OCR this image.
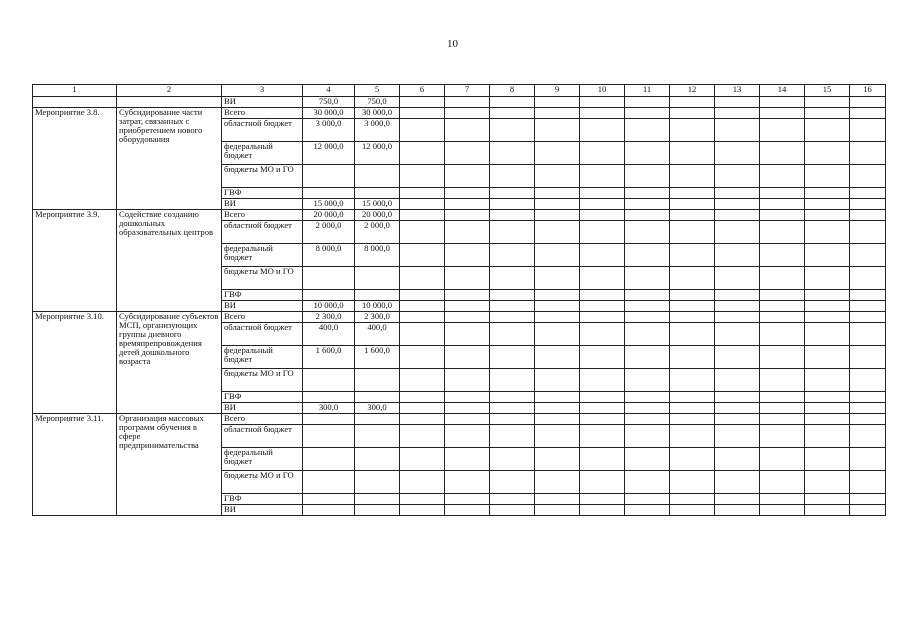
10
1	2	3	4	5	6	7	8	9	10	11	12	13	14	15	16
		ВИ	750,0	750,0											
Мероприятие 3.8.	Субсидирование части затрат, связанных с приобретением нового оборудования	Всего	30 000,0	30 000,0											
		областной бюджет	3 000,0	3 000,0											
		федеральный бюджет	12 000,0	12 000,0											
		бюджеты МО и ГО													
		ГВФ													
		ВИ	15 000,0	15 000,0											
Мероприятие 3.9.	Содействие созданию дошкольных образовательных центров	Всего	20 000,0	20 000,0											
		областной бюджет	2 000,0	2 000,0											
		федеральный бюджет	8 000,0	8 000,0											
		бюджеты МО и ГО													
		ГВФ													
		ВИ	10 000,0	10 000,0											
Мероприятие 3.10.	Субсидирование субъектов МСП, организующих группы дневного времяпрепровождения детей дошкольного возраста	Всего	2 300,0	2 300,0											
		областной бюджет	400,0	400,0											
		федеральный бюджет	1 600,0	1 600,0											
		бюджеты МО и ГО													
		ГВФ													
		ВИ	300,0	300,0											
Мероприятие 3.11.	Организация массовых программ обучения в сфере предпринимательства	Всего													
		областной бюджет													
		федеральный бюджет													
		бюджеты МО и ГО													
		ГВФ													
		ВИ													
